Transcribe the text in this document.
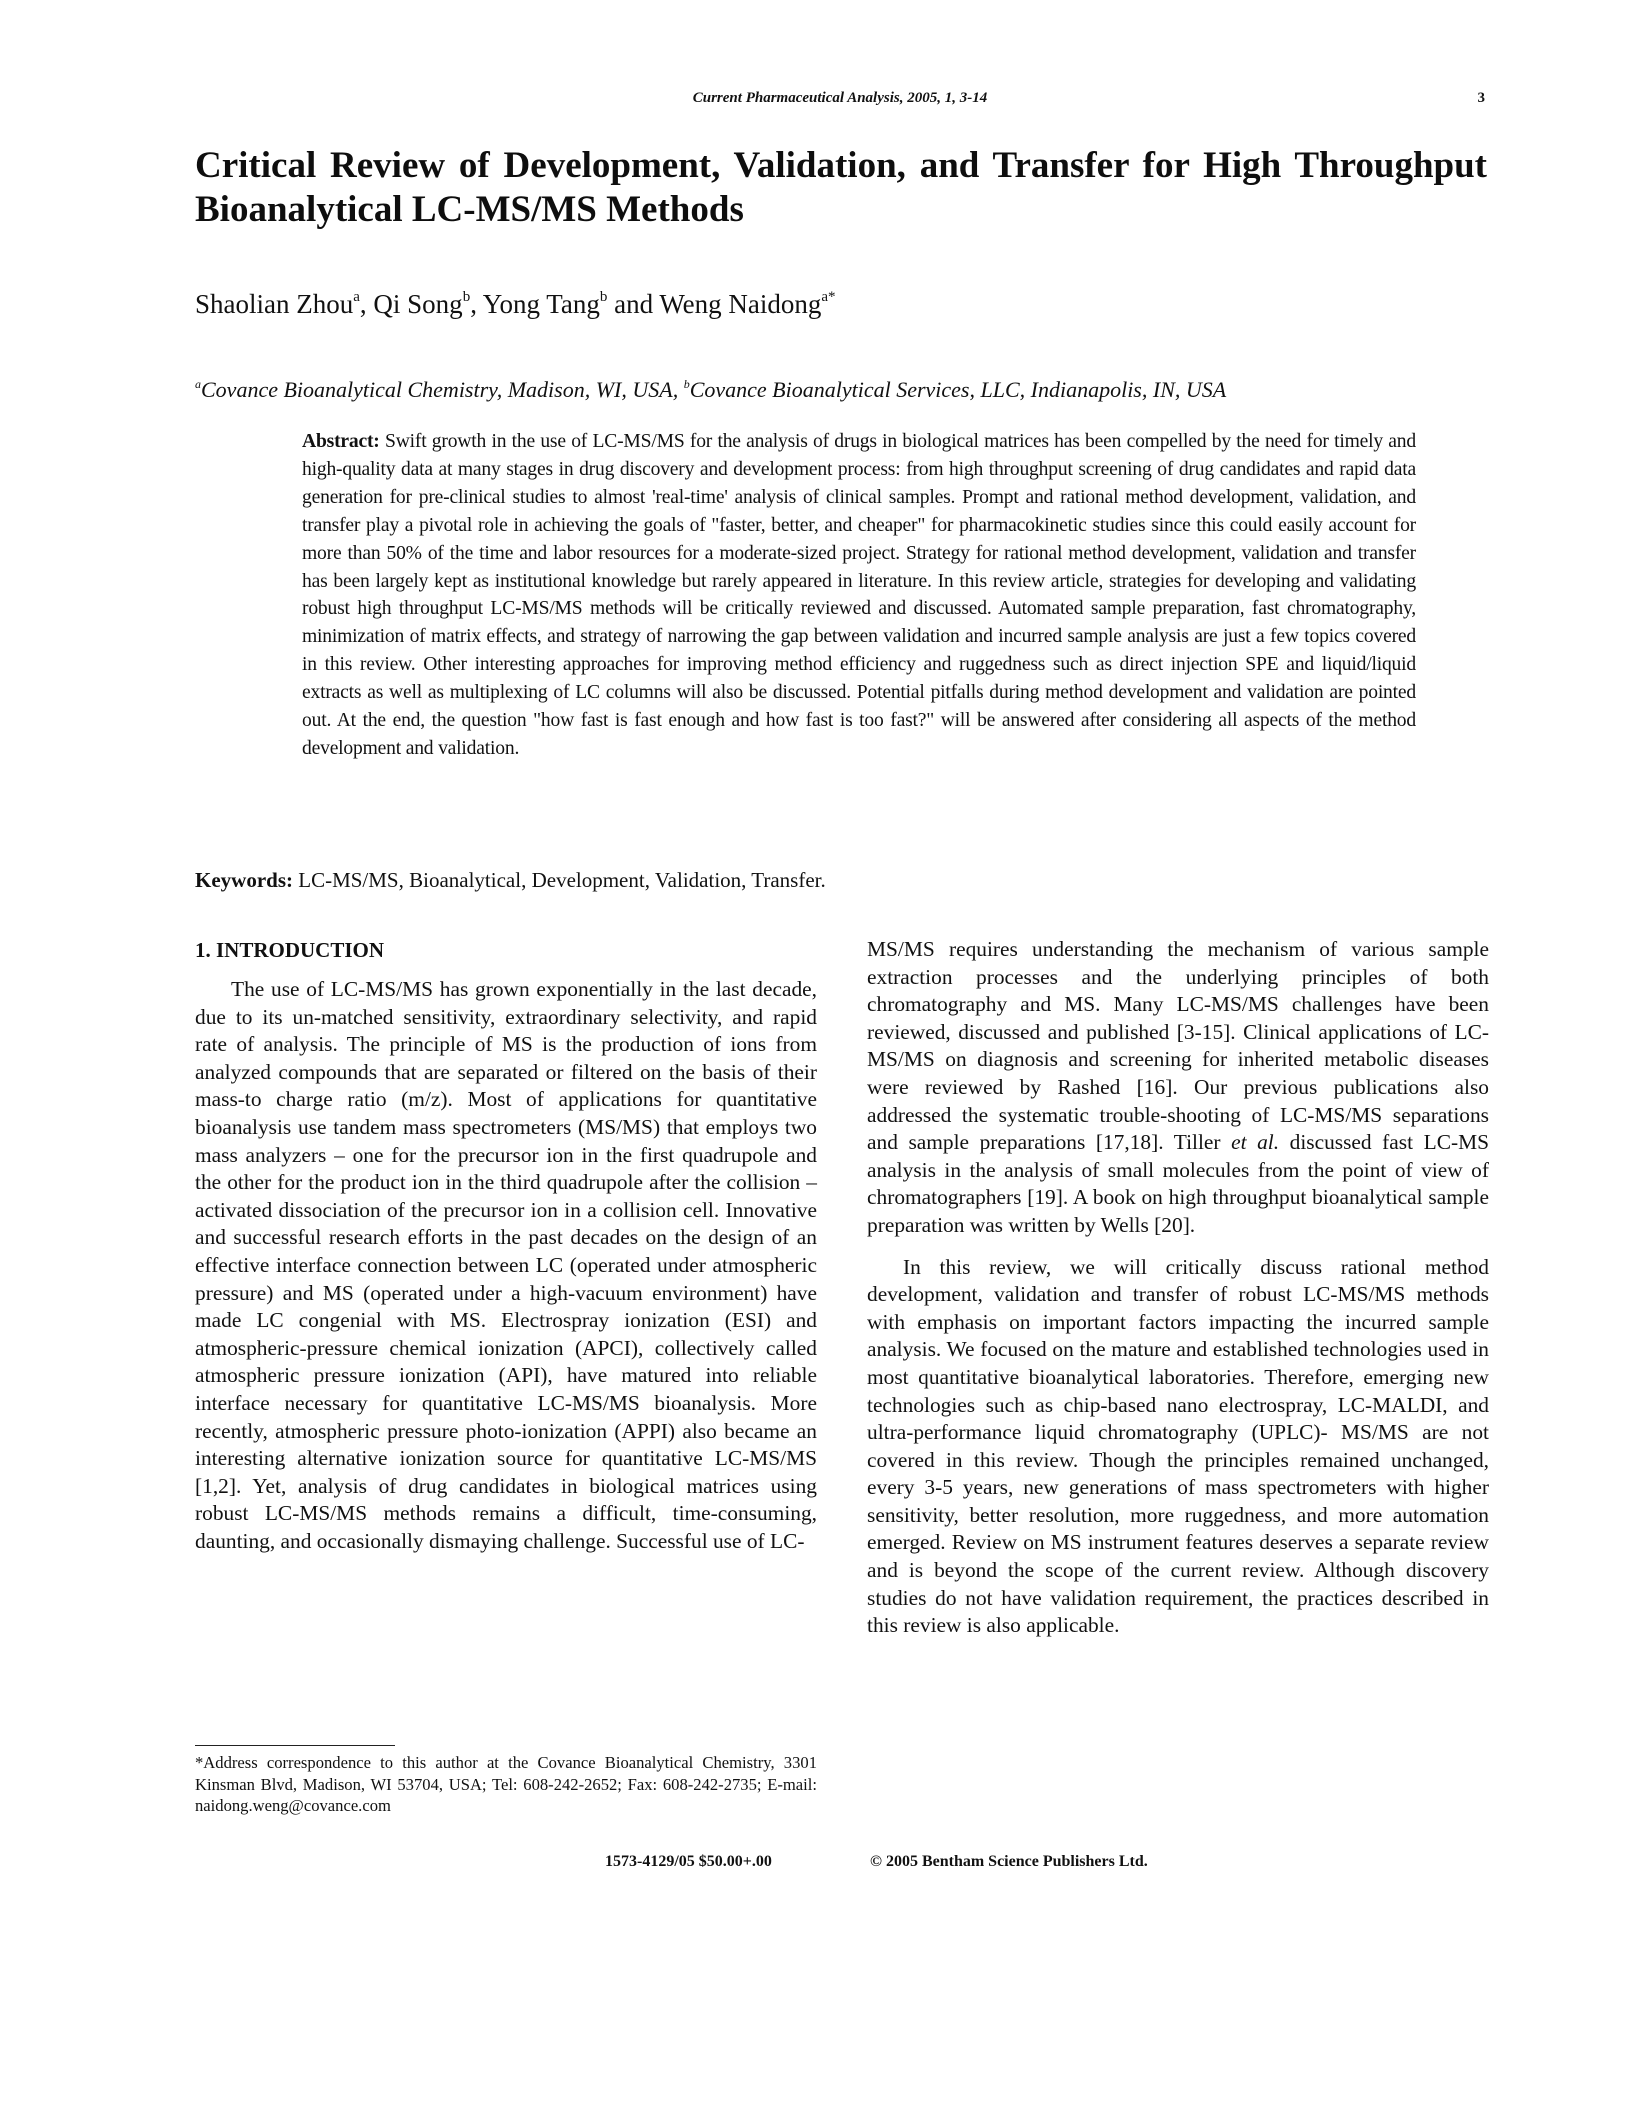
Current Pharmaceutical Analysis, 2005, 1, 3-14	3
Critical Review of Development, Validation, and Transfer for High Throughput Bioanalytical LC-MS/MS Methods
Shaolian Zhou$^a$, Qi Song$^b$, Yong Tang$^b$ and Weng Naidong$^{a*}$
$^a$Covance Bioanalytical Chemistry, Madison, WI, USA, $^b$Covance Bioanalytical Services, LLC, Indianapolis, IN, USA
Abstract: Swift growth in the use of LC-MS/MS for the analysis of drugs in biological matrices has been compelled by the need for timely and high-quality data at many stages in drug discovery and development process: from high throughput screening of drug candidates and rapid data generation for pre-clinical studies to almost 'real-time' analysis of clinical samples. Prompt and rational method development, validation, and transfer play a pivotal role in achieving the goals of "faster, better, and cheaper" for pharmacokinetic studies since this could easily account for more than 50% of the time and labor resources for a moderate-sized project. Strategy for rational method development, validation and transfer has been largely kept as institutional knowledge but rarely appeared in literature. In this review article, strategies for developing and validating robust high throughput LC-MS/MS methods will be critically reviewed and discussed. Automated sample preparation, fast chromatography, minimization of matrix effects, and strategy of narrowing the gap between validation and incurred sample analysis are just a few topics covered in this review. Other interesting approaches for improving method efficiency and ruggedness such as direct injection SPE and liquid/liquid extracts as well as multiplexing of LC columns will also be discussed. Potential pitfalls during method development and validation are pointed out. At the end, the question "how fast is fast enough and how fast is too fast?" will be answered after considering all aspects of the method development and validation.
Keywords: LC-MS/MS, Bioanalytical, Development, Validation, Transfer.
1. INTRODUCTION

The use of LC-MS/MS has grown exponentially in the last decade, due to its un-matched sensitivity, extraordinary selectivity, and rapid rate of analysis. The principle of MS is the production of ions from analyzed compounds that are separated or filtered on the basis of their mass-to charge ratio (m/z). Most of applications for quantitative bioanalysis use tandem mass spectrometers (MS/MS) that employs two mass analyzers – one for the precursor ion in the first quadrupole and the other for the product ion in the third quadrupole after the collision – activated dissociation of the precursor ion in a collision cell. Innovative and successful research efforts in the past decades on the design of an effective interface connection between LC (operated under atmospheric pressure) and MS (operated under a high-vacuum environment) have made LC congenial with MS. Electrospray ionization (ESI) and atmospheric-pressure chemical ionization (APCI), collectively called atmospheric pressure ionization (API), have matured into reliable interface necessary for quantitative LC-MS/MS bioanalysis. More recently, atmospheric pressure photo-ionization (APPI) also became an interesting alternative ionization source for quantitative LC-MS/MS [1,2]. Yet, analysis of drug candidates in biological matrices using robust LC-MS/MS methods remains a difficult, time-consuming, daunting, and occasionally dismaying challenge. Successful use of LC-

MS/MS requires understanding the mechanism of various sample extraction processes and the underlying principles of both chromatography and MS. Many LC-MS/MS challenges have been reviewed, discussed and published [3-15]. Clinical applications of LC-MS/MS on diagnosis and screening for inherited metabolic diseases were reviewed by Rashed [16]. Our previous publications also addressed the systematic trouble-shooting of LC-MS/MS separations and sample preparations [17,18]. Tiller et al. discussed fast LC-MS analysis in the analysis of small molecules from the point of view of chromatographers [19]. A book on high throughput bioanalytical sample preparation was written by Wells [20].

In this review, we will critically discuss rational method development, validation and transfer of robust LC-MS/MS methods with emphasis on important factors impacting the incurred sample analysis. We focused on the mature and established technologies used in most quantitative bioanalytical laboratories. Therefore, emerging new technologies such as chip-based nano electrospray, LC-MALDI, and ultra-performance liquid chromatography (UPLC)- MS/MS are not covered in this review. Though the principles remained unchanged, every 3-5 years, new generations of mass spectrometers with higher sensitivity, better resolution, more ruggedness, and more automation emerged. Review on MS instrument features deserves a separate review and is beyond the scope of the current review. Although discovery studies do not have validation requirement, the practices described in this review is also applicable.

*Address correspondence to this author at the Covance Bioanalytical Chemistry, 3301 Kinsman Blvd, Madison, WI 53704, USA; Tel: 608-242-2652; Fax: 608-242-2735; E-mail: naidong.weng@covance.com
1573-4129/05 $50.00+.00	© 2005 Bentham Science Publishers Ltd.
